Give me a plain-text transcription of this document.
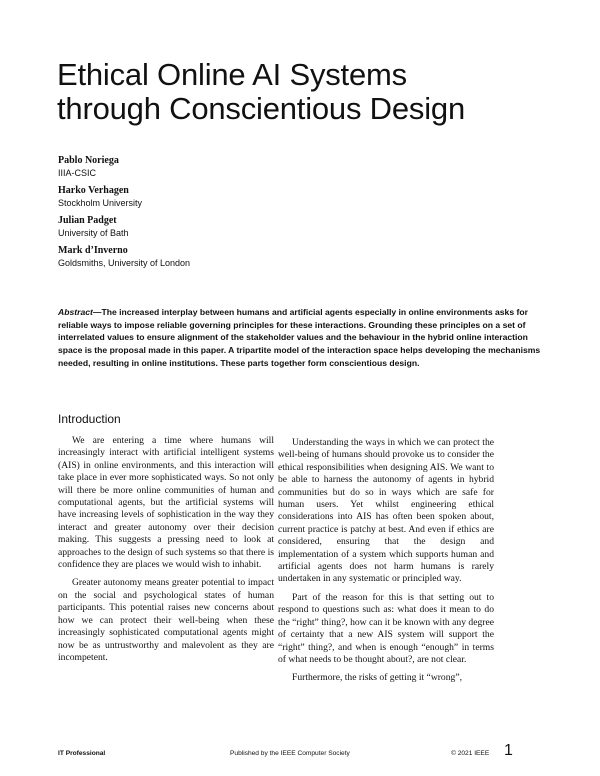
Ethical Online AI Systems
through Conscientious Design
Pablo Noriega
IIIA-CSIC
Harko Verhagen
Stockholm University
Julian Padget
University of Bath
Mark d’Inverno
Goldsmiths, University of London
Abstract—The increased interplay between humans and artificial agents especially in online environments asks for reliable ways to impose reliable governing principles for these interactions. Grounding these principles on a set of interrelated values to ensure alignment of the stakeholder values and the behaviour in the hybrid online interaction space is the proposal made in this paper. A tripartite model of the interaction space helps developing the mechanisms needed, resulting in online institutions. These parts together form conscientious design.
Introduction

We are entering a time where humans will increasingly interact with artificial intelligent systems (AIS) in online environments, and this interaction will take place in ever more sophisticated ways. So not only will there be more online communities of human and computational agents, but the artificial systems will have increasing levels of sophistication in the way they interact and greater autonomy over their decision making. This suggests a pressing need to look at approaches to the design of such systems so that there is confidence they are places we would wish to inhabit.

Greater autonomy means greater potential to impact on the social and psychological states of human participants. This potential raises new concerns about how we can protect their well-being when these increasingly sophisticated computational agents might now be as untrustworthy and malevolent as they are incompetent.

Understanding the ways in which we can protect the well-being of humans should provoke us to consider the ethical responsibilities when designing AIS. We want to be able to harness the autonomy of agents in hybrid communities but do so in ways which are safe for human users. Yet whilst engineering ethical considerations into AIS has often been spoken about, current practice is patchy at best. And even if ethics are considered, ensuring that the design and implementation of a system which supports human and artificial agents does not harm humans is rarely undertaken in any systematic or principled way.

Part of the reason for this is that setting out to respond to questions such as: what does it mean to do the “right” thing?, how can it be known with any degree of certainty that a new AIS system will support the “right” thing?, and when is enough “enough” in terms of what needs to be thought about?, are not clear.

Furthermore, the risks of getting it “wrong”,

IT Professional	Published by the IEEE Computer Society	© 2021 IEEE 1
